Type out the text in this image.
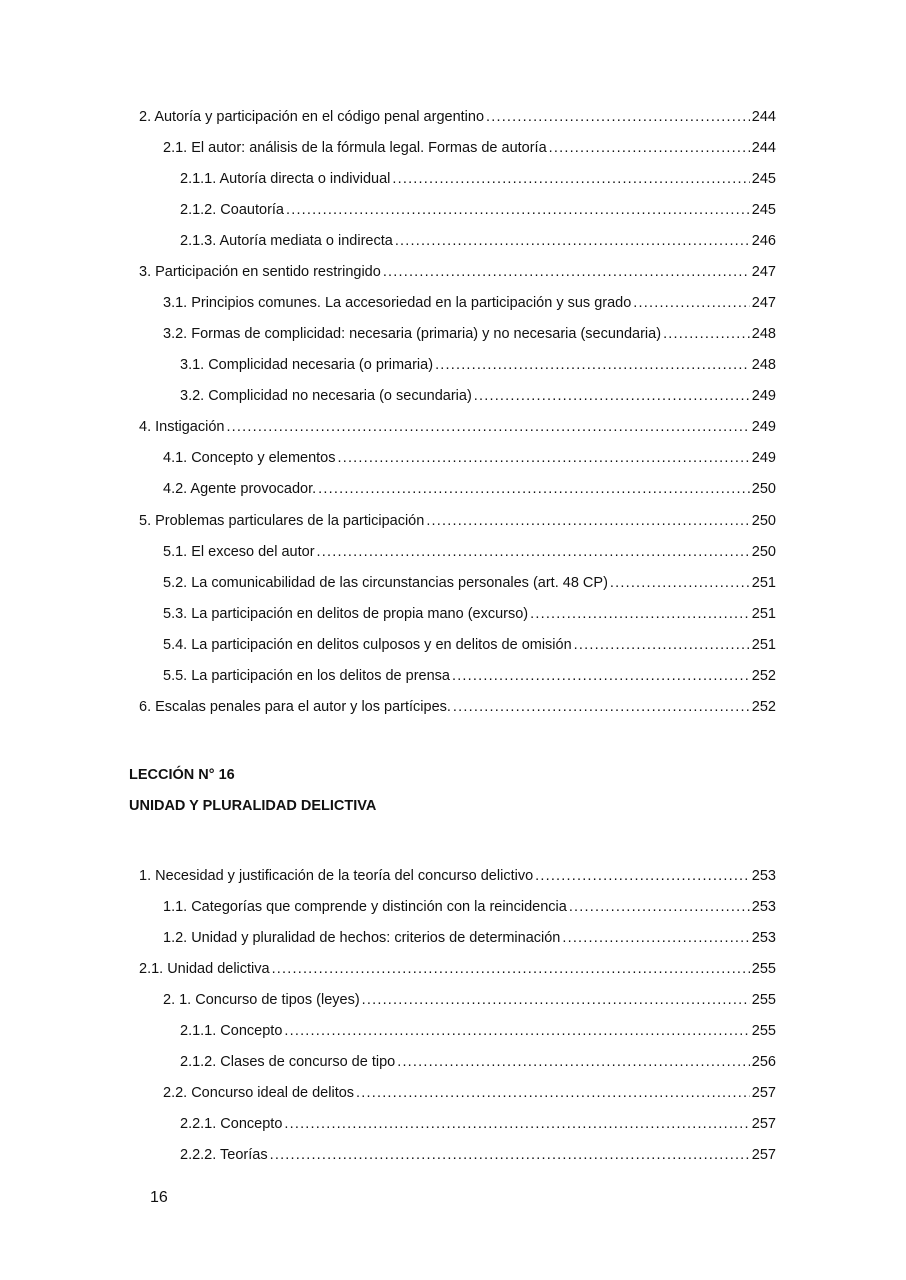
2. Autoría y participación en el código penal argentino .....	244
2.1. El autor: análisis de la fórmula legal. Formas de autoría .....	244
2.1.1. Autoría directa o individual .....	245
2.1.2. Coautoría .....	245
2.1.3. Autoría mediata o indirecta .....	246
3. Participación en sentido restringido .....	247
3.1. Principios comunes. La accesoriedad en la participación y sus grado .....	247
3.2. Formas de complicidad: necesaria (primaria) y no necesaria (secundaria) .....	248
3.1. Complicidad necesaria (o primaria) .....	248
3.2. Complicidad no necesaria (o secundaria) .....	249
4. Instigación .....	249
4.1. Concepto y elementos .....	249
4.2. Agente provocador. .....	250
5. Problemas particulares de la participación .....	250
5.1. El exceso del autor .....	250
5.2. La comunicabilidad de las circunstancias personales (art. 48 CP) .....	251
5.3. La participación en delitos de propia mano (excurso) .....	251
5.4. La participación en delitos culposos y en delitos de omisión .....	251
5.5. La participación en los delitos de prensa .....	252
6. Escalas penales para el autor y los partícipes. .....	252
LECCIÓN N° 16
UNIDAD Y PLURALIDAD DELICTIVA
1. Necesidad y justificación de la teoría del concurso delictivo .....	253
1.1. Categorías que comprende y distinción con la reincidencia .....	253
1.2. Unidad y pluralidad de hechos: criterios de determinación .....	253
2.1. Unidad delictiva .....	255
2. 1. Concurso de tipos (leyes) .....	255
2.1.1. Concepto .....	255
2.1.2. Clases de concurso de tipo .....	256
2.2. Concurso ideal de delitos .....	257
2.2.1. Concepto .....	257
2.2.2. Teorías .....	257
16
